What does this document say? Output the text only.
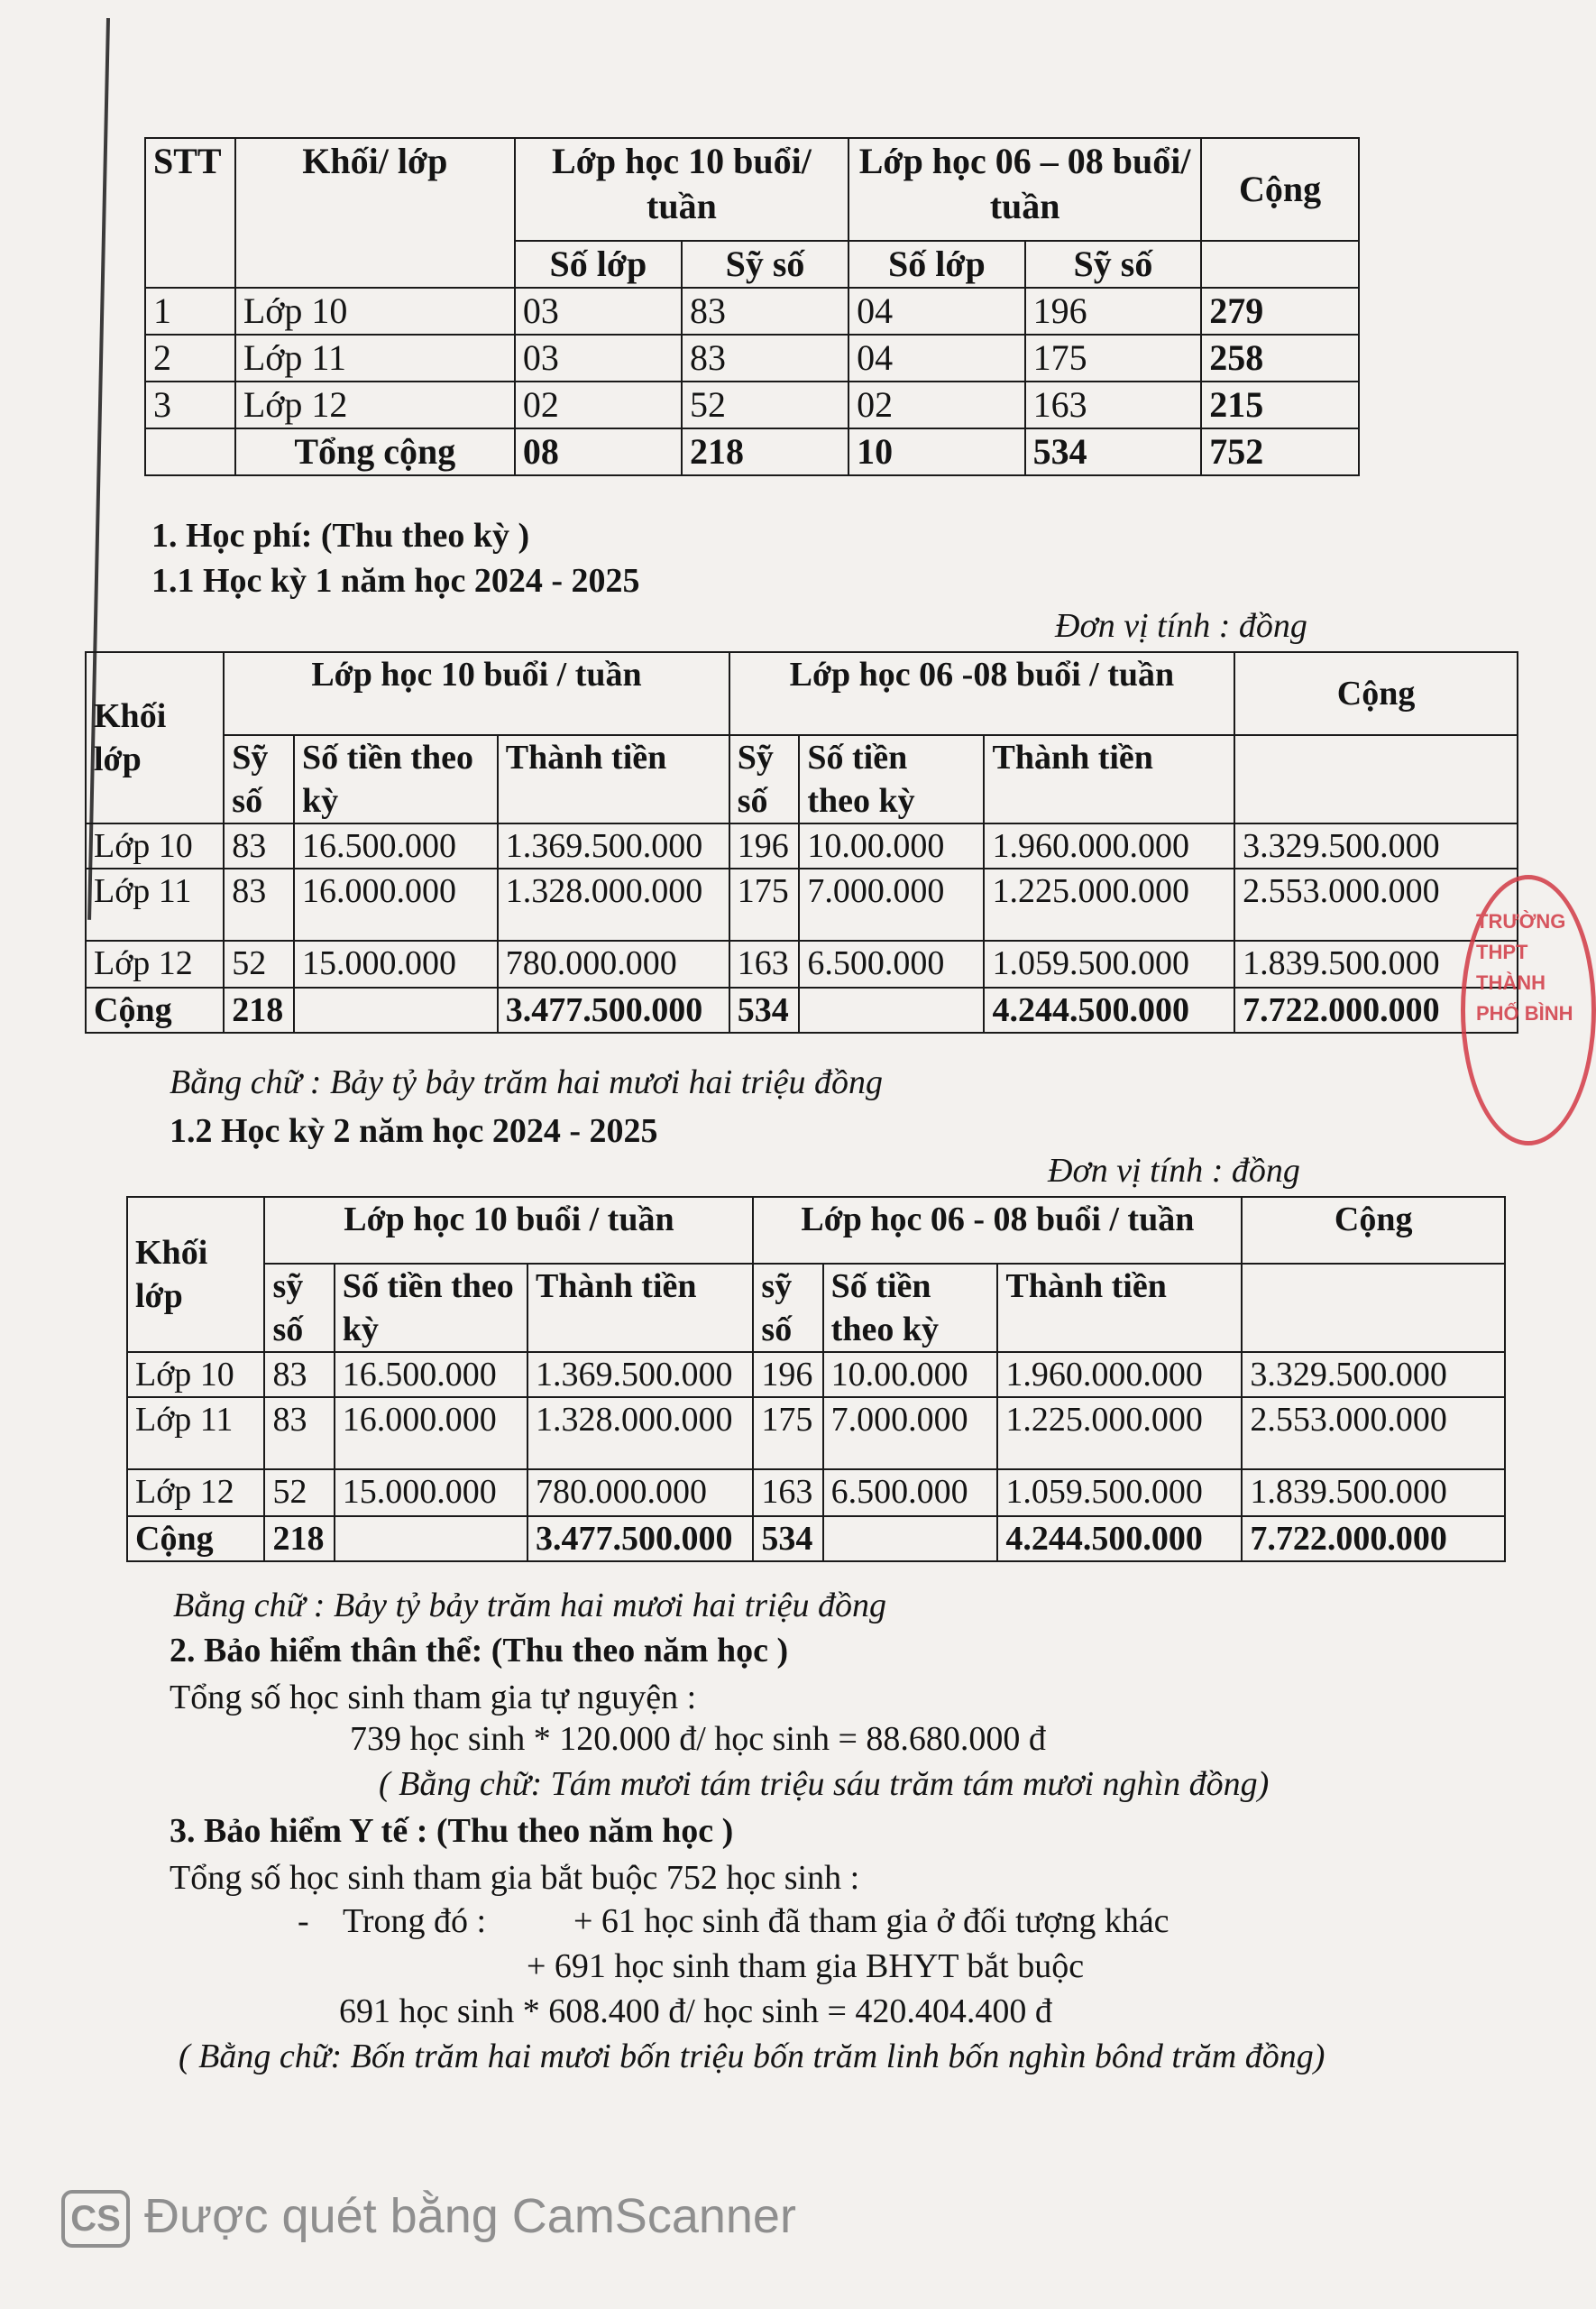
STT	Khối/ lớp	Lớp học 10 buổi/ tuần		Lớp học 06 – 08 buổi/ tuần		Cộng
		Số lớp	Sỹ số	Số lớp	Sỹ số	
1	Lớp 10	03	83	04	196	279
2	Lớp 11	03	83	04	175	258
3	Lớp 12	02	52	02	163	215
	Tổng cộng	08	218	10	534	752
1. Học phí: (Thu theo kỳ )
1.1 Học kỳ 1 năm học 2024 - 2025
Đơn vị tính : đồng
Khối lớp	Lớp học 10 buổi / tuần			Lớp học 06 -08 buổi / tuần			Cộng
	Sỹ số	Số tiền theo kỳ	Thành tiền	Sỹ số	Số tiền theo kỳ	Thành tiền	
Lớp 10	83	16.500.000	1.369.500.000	196	10.00.000	1.960.000.000	3.329.500.000
Lớp 11	83	16.000.000	1.328.000.000	175	7.000.000	1.225.000.000	2.553.000.000
Lớp 12	52	15.000.000	780.000.000	163	6.500.000	1.059.500.000	1.839.500.000
Cộng	218		3.477.500.000	534		4.244.500.000	7.722.000.000
Bằng chữ : Bảy tỷ bảy trăm hai mươi hai triệu đồng
1.2 Học kỳ 2 năm học 2024 - 2025
Đơn vị tính : đồng
Khối lớp	Lớp học 10 buổi / tuần			Lớp học 06 - 08 buổi / tuần			Cộng
	sỹ số	Số tiền theo kỳ	Thành tiền	sỹ số	Số tiền theo kỳ	Thành tiền	
Lớp 10	83	16.500.000	1.369.500.000	196	10.00.000	1.960.000.000	3.329.500.000
Lớp 11	83	16.000.000	1.328.000.000	175	7.000.000	1.225.000.000	2.553.000.000
Lớp 12	52	15.000.000	780.000.000	163	6.500.000	1.059.500.000	1.839.500.000
Cộng	218		3.477.500.000	534		4.244.500.000	7.722.000.000
Bằng chữ : Bảy tỷ bảy trăm hai mươi hai triệu đồng
2. Bảo hiểm thân thể: (Thu theo năm học )
Tổng số học sinh tham gia tự nguyện :
739 học sinh * 120.000 đ/ học sinh = 88.680.000 đ
( Bằng chữ: Tám mươi tám triệu sáu trăm tám mươi nghìn đồng)
3. Bảo hiểm Y tế : (Thu theo năm học )
Tổng số học sinh tham gia bắt buộc 752 học sinh :
- Trong đó :	+ 61 học sinh đã tham gia ở đối tượng khác
+ 691 học sinh tham gia BHYT bắt buộc
691 học sinh * 608.400 đ/ học sinh = 420.404.400 đ
( Bằng chữ: Bốn trăm hai mươi bốn triệu bốn trăm linh bốn nghìn bônd trăm đồng)
TRƯỜNG THPT THÀNH PHỐ BÌNH
CS Được quét bằng CamScanner
